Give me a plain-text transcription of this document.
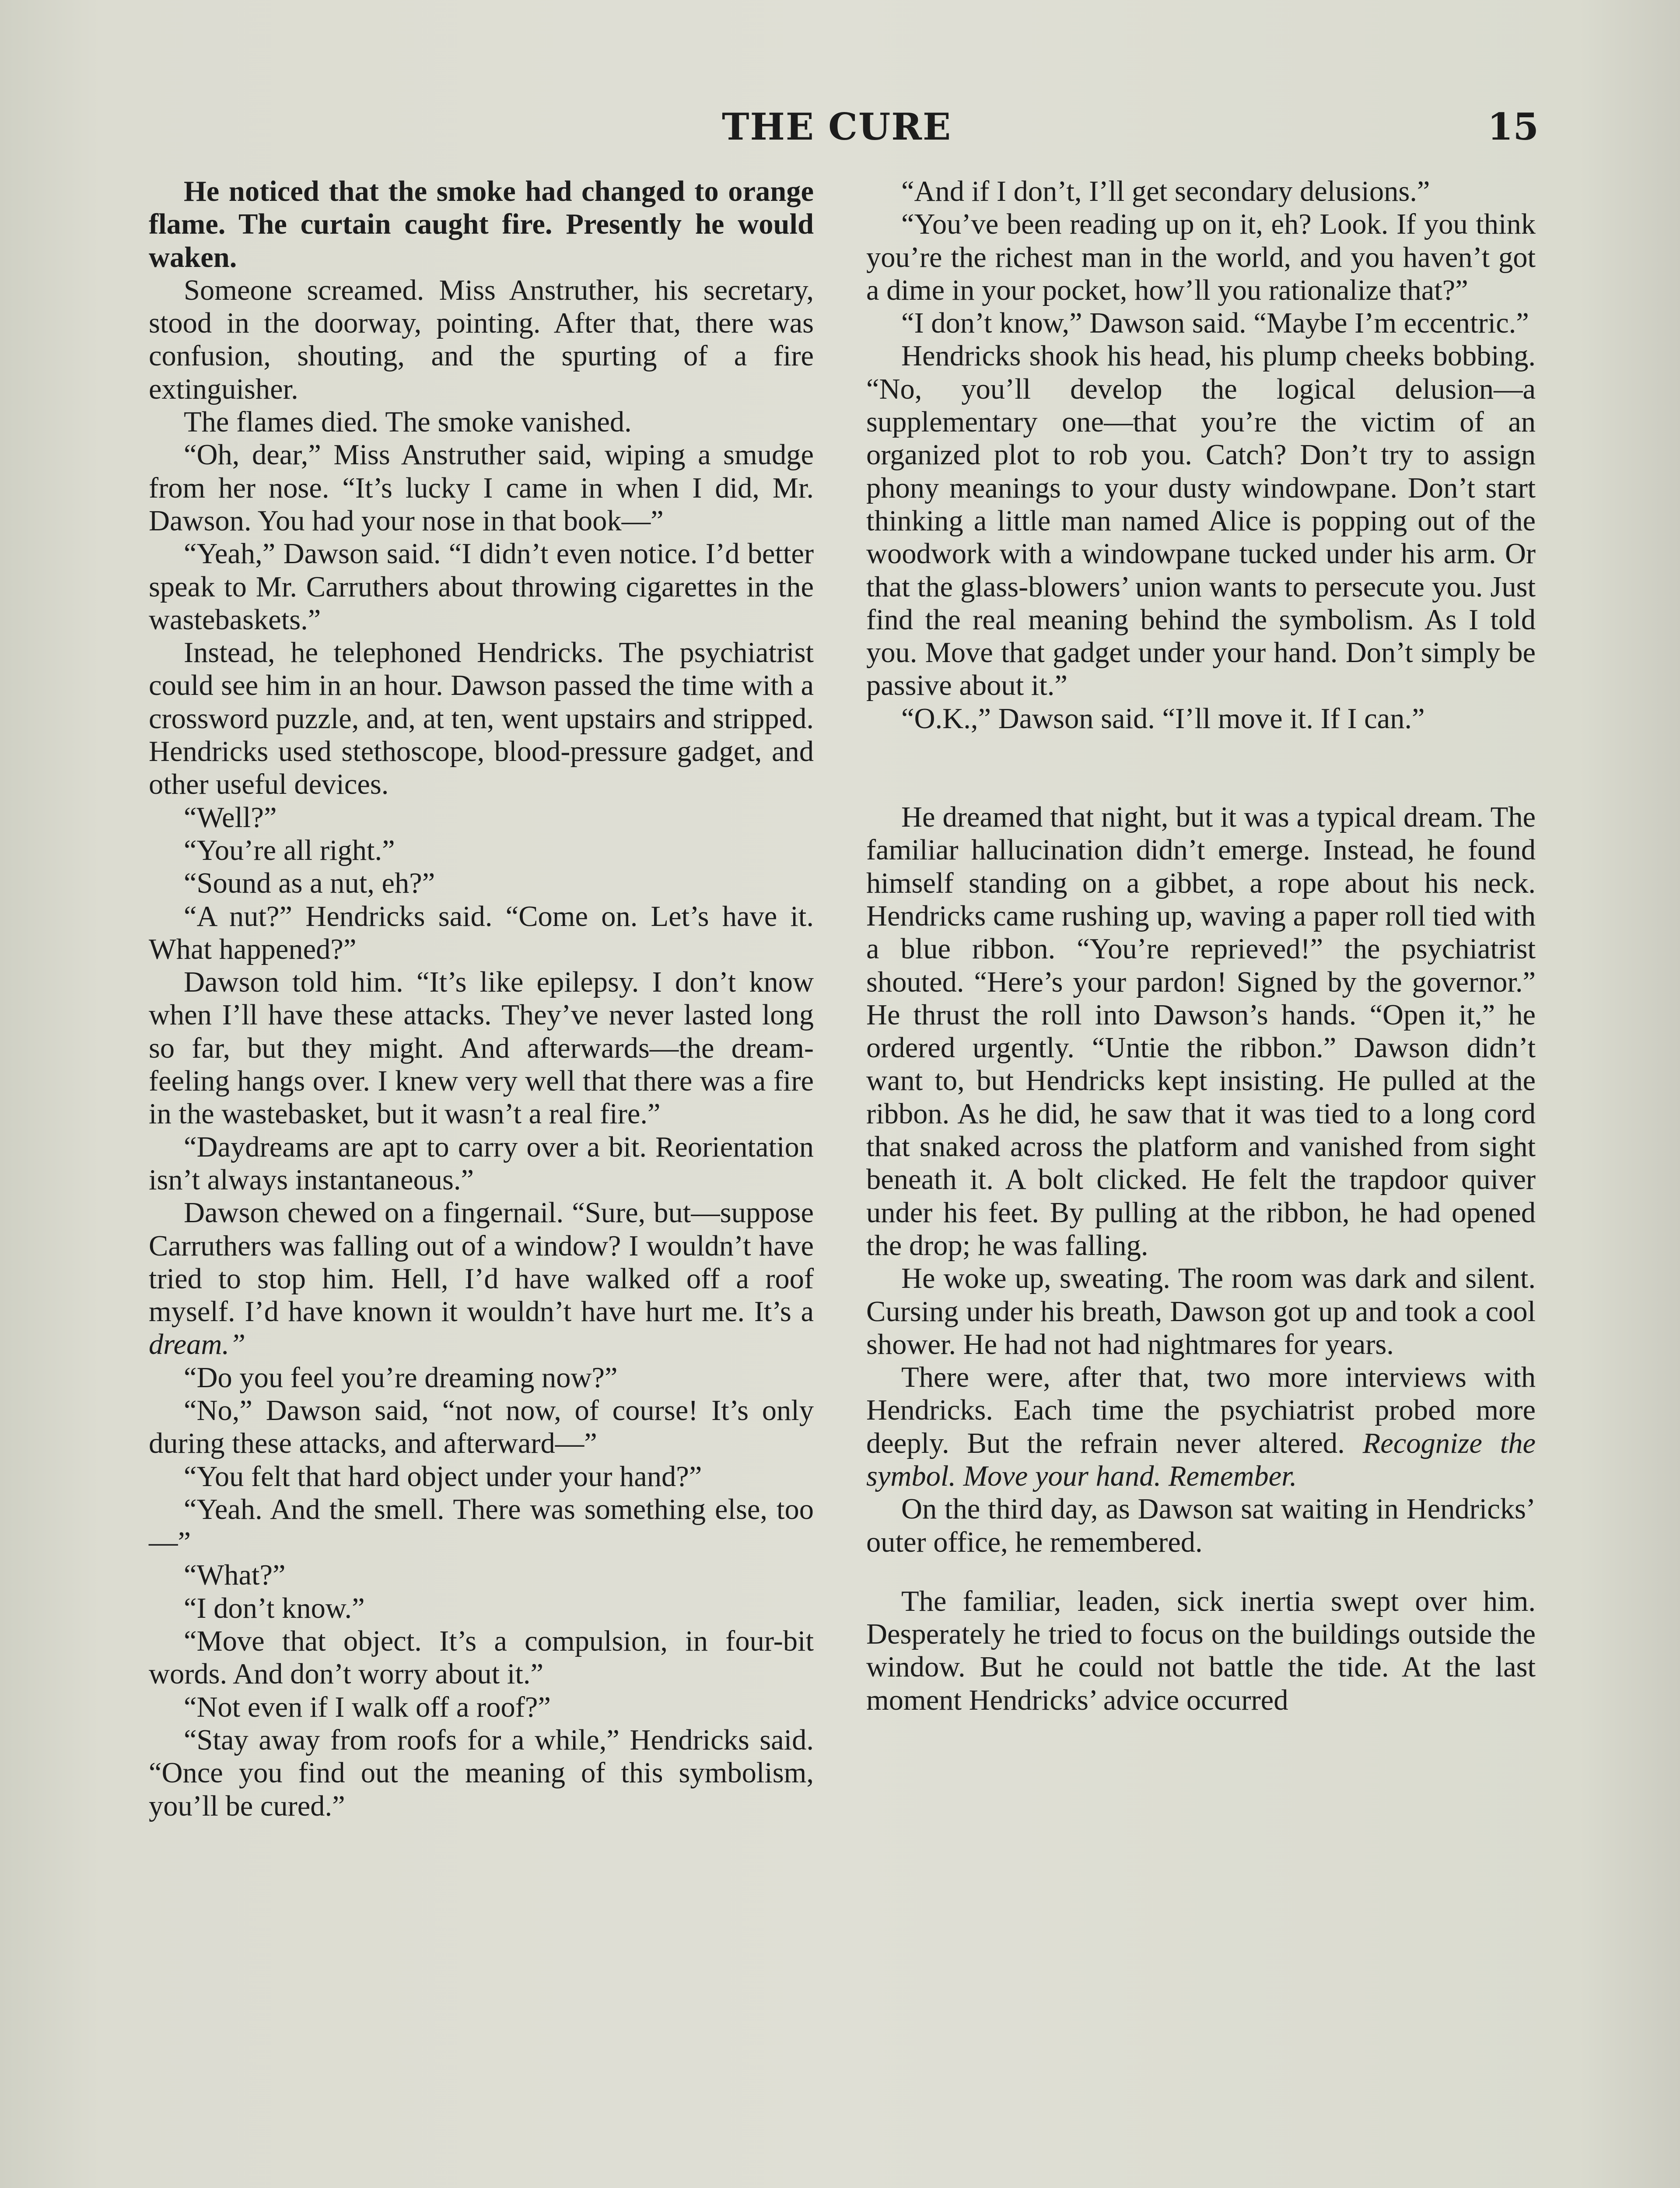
THE CURE	15

He noticed that the smoke had changed to orange flame. The curtain caught fire. Presently he would waken.

Someone screamed. Miss Anstruther, his secretary, stood in the doorway, pointing. After that, there was confusion, shouting, and the spurting of a fire extinguisher.

The flames died. The smoke vanished.

“Oh, dear,” Miss Anstruther said, wiping a smudge from her nose. “It’s lucky I came in when I did, Mr. Dawson. You had your nose in that book—”

“Yeah,” Dawson said. “I didn’t even notice. I’d better speak to Mr. Carruthers about throwing cigarettes in the wastebaskets.”

Instead, he telephoned Hendricks. The psychiatrist could see him in an hour. Dawson passed the time with a crossword puzzle, and, at ten, went upstairs and stripped. Hendricks used stethoscope, blood-pressure gadget, and other useful devices.

“Well?”

“You’re all right.”

“Sound as a nut, eh?”

“A nut?” Hendricks said. “Come on. Let’s have it. What happened?”

Dawson told him. “It’s like epilepsy. I don’t know when I’ll have these attacks. They’ve never lasted long so far, but they might. And afterwards—the dream-feeling hangs over. I knew very well that there was a fire in the wastebasket, but it wasn’t a real fire.”

“Daydreams are apt to carry over a bit. Reorientation isn’t always instantaneous.”

Dawson chewed on a fingernail. “Sure, but—suppose Carruthers was falling out of a window? I wouldn’t have tried to stop him. Hell, I’d have walked off a roof myself. I’d have known it wouldn’t have hurt me. It’s a dream.”

“Do you feel you’re dreaming now?”

“No,” Dawson said, “not now, of course! It’s only during these attacks, and afterward—”

“You felt that hard object under your hand?”

“Yeah. And the smell. There was something else, too—”

“What?”

“I don’t know.”

“Move that object. It’s a compulsion, in four-bit words. And don’t worry about it.”

“Not even if I walk off a roof?”

“Stay away from roofs for a while,” Hendricks said. “Once you find out the meaning of this symbolism, you’ll be cured.”

“And if I don’t, I’ll get secondary delusions.”

“You’ve been reading up on it, eh? Look. If you think you’re the richest man in the world, and you haven’t got a dime in your pocket, how’ll you rationalize that?”

“I don’t know,” Dawson said. “Maybe I’m eccentric.”

Hendricks shook his head, his plump cheeks bobbing. “No, you’ll develop the logical delusion—a supplementary one—that you’re the victim of an organized plot to rob you. Catch? Don’t try to assign phony meanings to your dusty windowpane. Don’t start thinking a little man named Alice is popping out of the woodwork with a windowpane tucked under his arm. Or that the glass-blowers’ union wants to persecute you. Just find the real meaning behind the symbolism. As I told you. Move that gadget under your hand. Don’t simply be passive about it.”

“O.K.,” Dawson said. “I’ll move it. If I can.”

He dreamed that night, but it was a typical dream. The familiar hallucination didn’t emerge. Instead, he found himself standing on a gibbet, a rope about his neck. Hendricks came rushing up, waving a paper roll tied with a blue ribbon. “You’re reprieved!” the psychiatrist shouted. “Here’s your pardon! Signed by the governor.” He thrust the roll into Dawson’s hands. “Open it,” he ordered urgently. “Untie the ribbon.” Dawson didn’t want to, but Hendricks kept insisting. He pulled at the ribbon. As he did, he saw that it was tied to a long cord that snaked across the platform and vanished from sight beneath it. A bolt clicked. He felt the trapdoor quiver under his feet. By pulling at the ribbon, he had opened the drop; he was falling.

He woke up, sweating. The room was dark and silent. Cursing under his breath, Dawson got up and took a cool shower. He had not had nightmares for years.

There were, after that, two more interviews with Hendricks. Each time the psychiatrist probed more deeply. But the refrain never altered. Recognize the symbol. Move your hand. Remember.

On the third day, as Dawson sat waiting in Hendricks’ outer office, he remembered.

The familiar, leaden, sick inertia swept over him. Desperately he tried to focus on the buildings outside the window. But he could not battle the tide. At the last moment Hendricks’ advice occurred
